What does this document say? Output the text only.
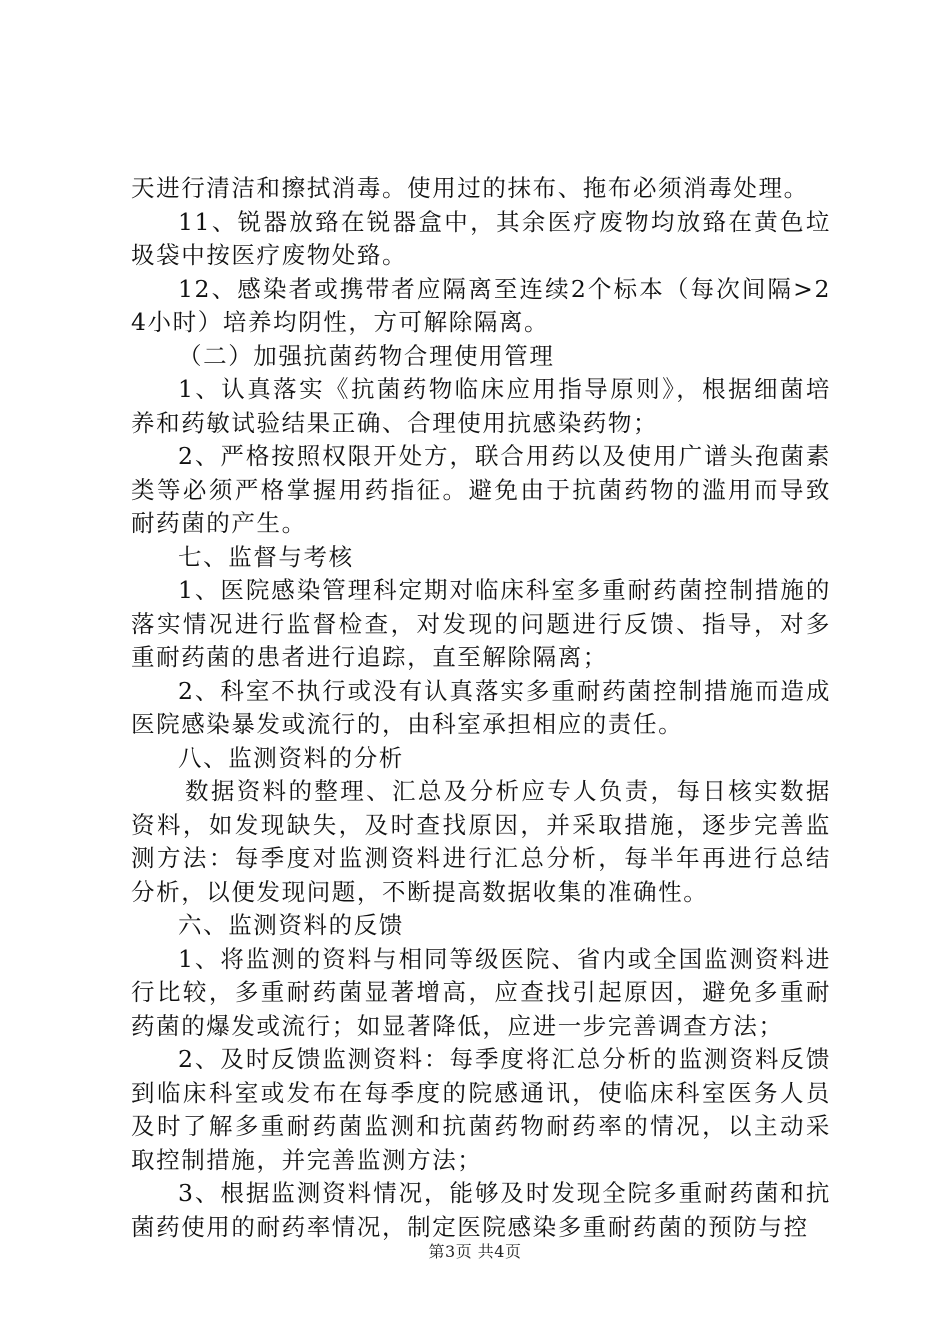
天进行清洁和擦拭消毒。使用过的抹布、拖布必须消毒处理。

11、锐器放臵在锐器盒中，其余医疗废物均放臵在黄色垃圾袋中按医疗废物处臵。

12、感染者或携带者应隔离至连续2个标本（每次间隔>24小时）培养均阴性，方可解除隔离。

（二）加强抗菌药物合理使用管理

1、认真落实《抗菌药物临床应用指导原则》，根据细菌培养和药敏试验结果正确、合理使用抗感染药物；

2、严格按照权限开处方，联合用药以及使用广谱头孢菌素类等必须严格掌握用药指征。避免由于抗菌药物的滥用而导致耐药菌的产生。

七、监督与考核

1、医院感染管理科定期对临床科室多重耐药菌控制措施的落实情况进行监督检查，对发现的问题进行反馈、指导，对多重耐药菌的患者进行追踪，直至解除隔离；

2、科室不执行或没有认真落实多重耐药菌控制措施而造成医院感染暴发或流行的，由科室承担相应的责任。

八、监测资料的分析

数据资料的整理、汇总及分析应专人负责，每日核实数据资料，如发现缺失，及时查找原因，并采取措施，逐步完善监测方法：每季度对监测资料进行汇总分析，每半年再进行总结分析，以便发现问题，不断提高数据收集的准确性。

六、监测资料的反馈

1、将监测的资料与相同等级医院、省内或全国监测资料进行比较，多重耐药菌显著增高，应查找引起原因，避免多重耐药菌的爆发或流行；如显著降低，应进一步完善调查方法；

2、及时反馈监测资料：每季度将汇总分析的监测资料反馈到临床科室或发布在每季度的院感通讯，使临床科室医务人员及时了解多重耐药菌监测和抗菌药物耐药率的情况，以主动采取控制措施，并完善监测方法；

3、根据监测资料情况，能够及时发现全院多重耐药菌和抗菌药使用的耐药率情况，制定医院感染多重耐药菌的预防与控

第3页 共4页
